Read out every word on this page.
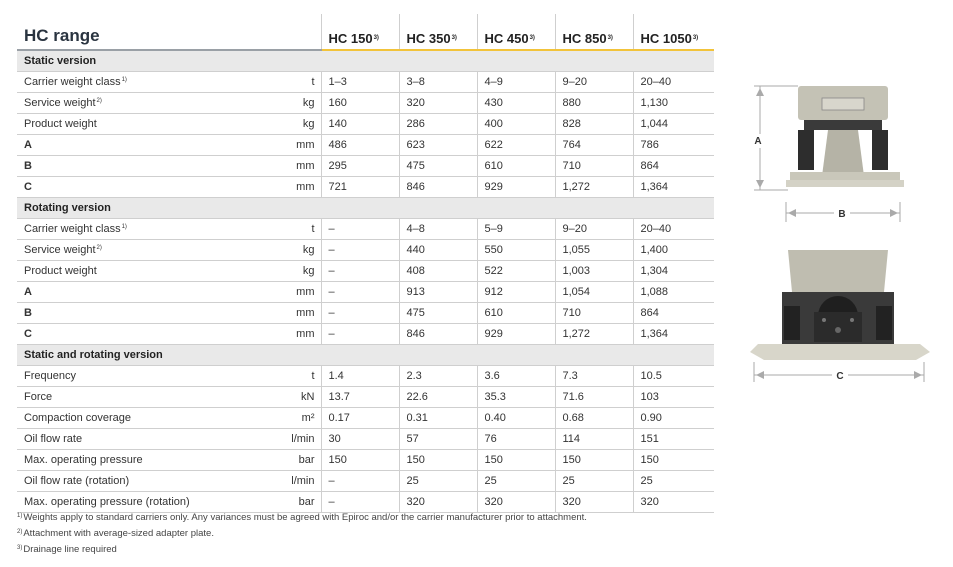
HC range		HC 150$^{3)}$	HC 350$^{3)}$	HC 450$^{3)}$	HC 850$^{3)}$	HC 1050$^{3)}$
Static version						
Carrier weight class$^{1)}$	t	1–3	3–8	4–9	9–20	20–40
Service weight$^{2)}$	kg	160	320	430	880	1,130
Product weight	kg	140	286	400	828	1,044
A	mm	486	623	622	764	786
B	mm	295	475	610	710	864
C	mm	721	846	929	1,272	1,364
Rotating version						
Carrier weight class$^{1)}$	t	–	4–8	5–9	9–20	20–40
Service weight$^{2)}$	kg	–	440	550	1,055	1,400
Product weight	kg	–	408	522	1,003	1,304
A	mm	–	913	912	1,054	1,088
B	mm	–	475	610	710	864
C	mm	–	846	929	1,272	1,364
Static and rotating version						
Frequency	t	1.4	2.3	3.6	7.3	10.5
Force	kN	13.7	22.6	35.3	71.6	103
Compaction coverage	m²	0.17	0.31	0.40	0.68	0.90
Oil flow rate	l/min	30	57	76	114	151
Max. operating pressure	bar	150	150	150	150	150
Oil flow rate (rotation)	l/min	–	25	25	25	25
Max. operating pressure (rotation)	bar	–	320	320	320	320
$^{1)}$Weights apply to standard carriers only. Any variances must be agreed with Epiroc and/or the carrier manufacturer prior to attachment.
$^{2)}$Attachment with average-sized adapter plate.
$^{3)}$Drainage line required
B
A
C
